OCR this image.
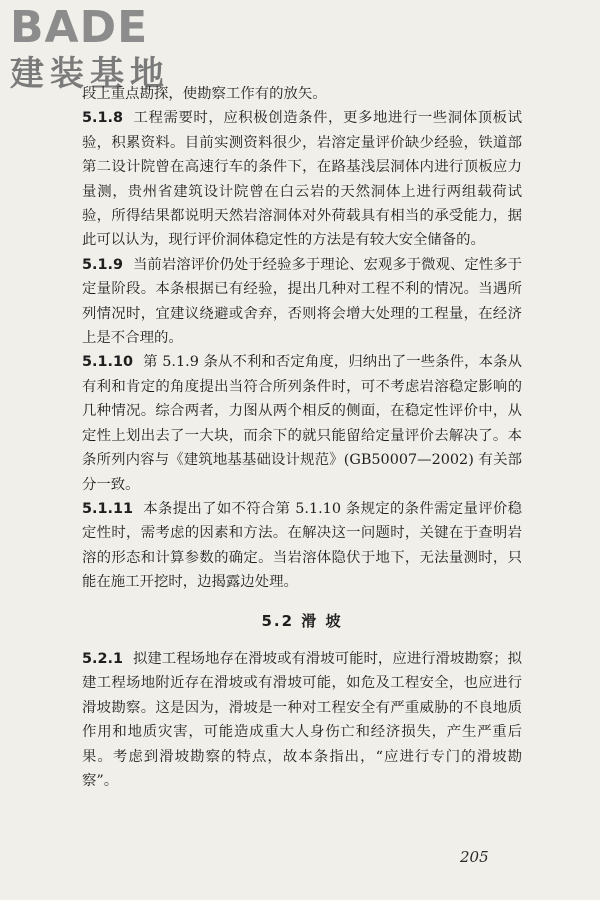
BADE
建装基地

段上重点勘探，使勘察工作有的放矢。

5.1.8 工程需要时，应积极创造条件，更多地进行一些洞体顶板试验，积累资料。目前实测资料很少，岩溶定量评价缺少经验，铁道部第二设计院曾在高速行车的条件下，在路基浅层洞体内进行顶板应力量测，贵州省建筑设计院曾在白云岩的天然洞体上进行两组载荷试验，所得结果都说明天然岩溶洞体对外荷载具有相当的承受能力，据此可以认为，现行评价洞体稳定性的方法是有较大安全储备的。

5.1.9 当前岩溶评价仍处于经验多于理论、宏观多于微观、定性多于定量阶段。本条根据已有经验，提出几种对工程不利的情况。当遇所列情况时，宜建议绕避或舍弃，否则将会增大处理的工程量，在经济上是不合理的。

5.1.10 第 5.1.9 条从不利和否定角度，归纳出了一些条件，本条从有利和肯定的角度提出当符合所列条件时，可不考虑岩溶稳定影响的几种情况。综合两者，力图从两个相反的侧面，在稳定性评价中，从定性上划出去了一大块，而余下的就只能留给定量评价去解决了。本条所列内容与《建筑地基基础设计规范》(GB50007—2002) 有关部分一致。

5.1.11 本条提出了如不符合第 5.1.10 条规定的条件需定量评价稳定性时，需考虑的因素和方法。在解决这一问题时，关键在于查明岩溶的形态和计算参数的确定。当岩溶体隐伏于地下，无法量测时，只能在施工开挖时，边揭露边处理。

5.2 滑 坡

5.2.1 拟建工程场地存在滑坡或有滑坡可能时，应进行滑坡勘察；拟建工程场地附近存在滑坡或有滑坡可能，如危及工程安全，也应进行滑坡勘察。这是因为，滑坡是一种对工程安全有严重威胁的不良地质作用和地质灾害，可能造成重大人身伤亡和经济损失，产生严重后果。考虑到滑坡勘察的特点，故本条指出，“应进行专门的滑坡勘察”。

205
